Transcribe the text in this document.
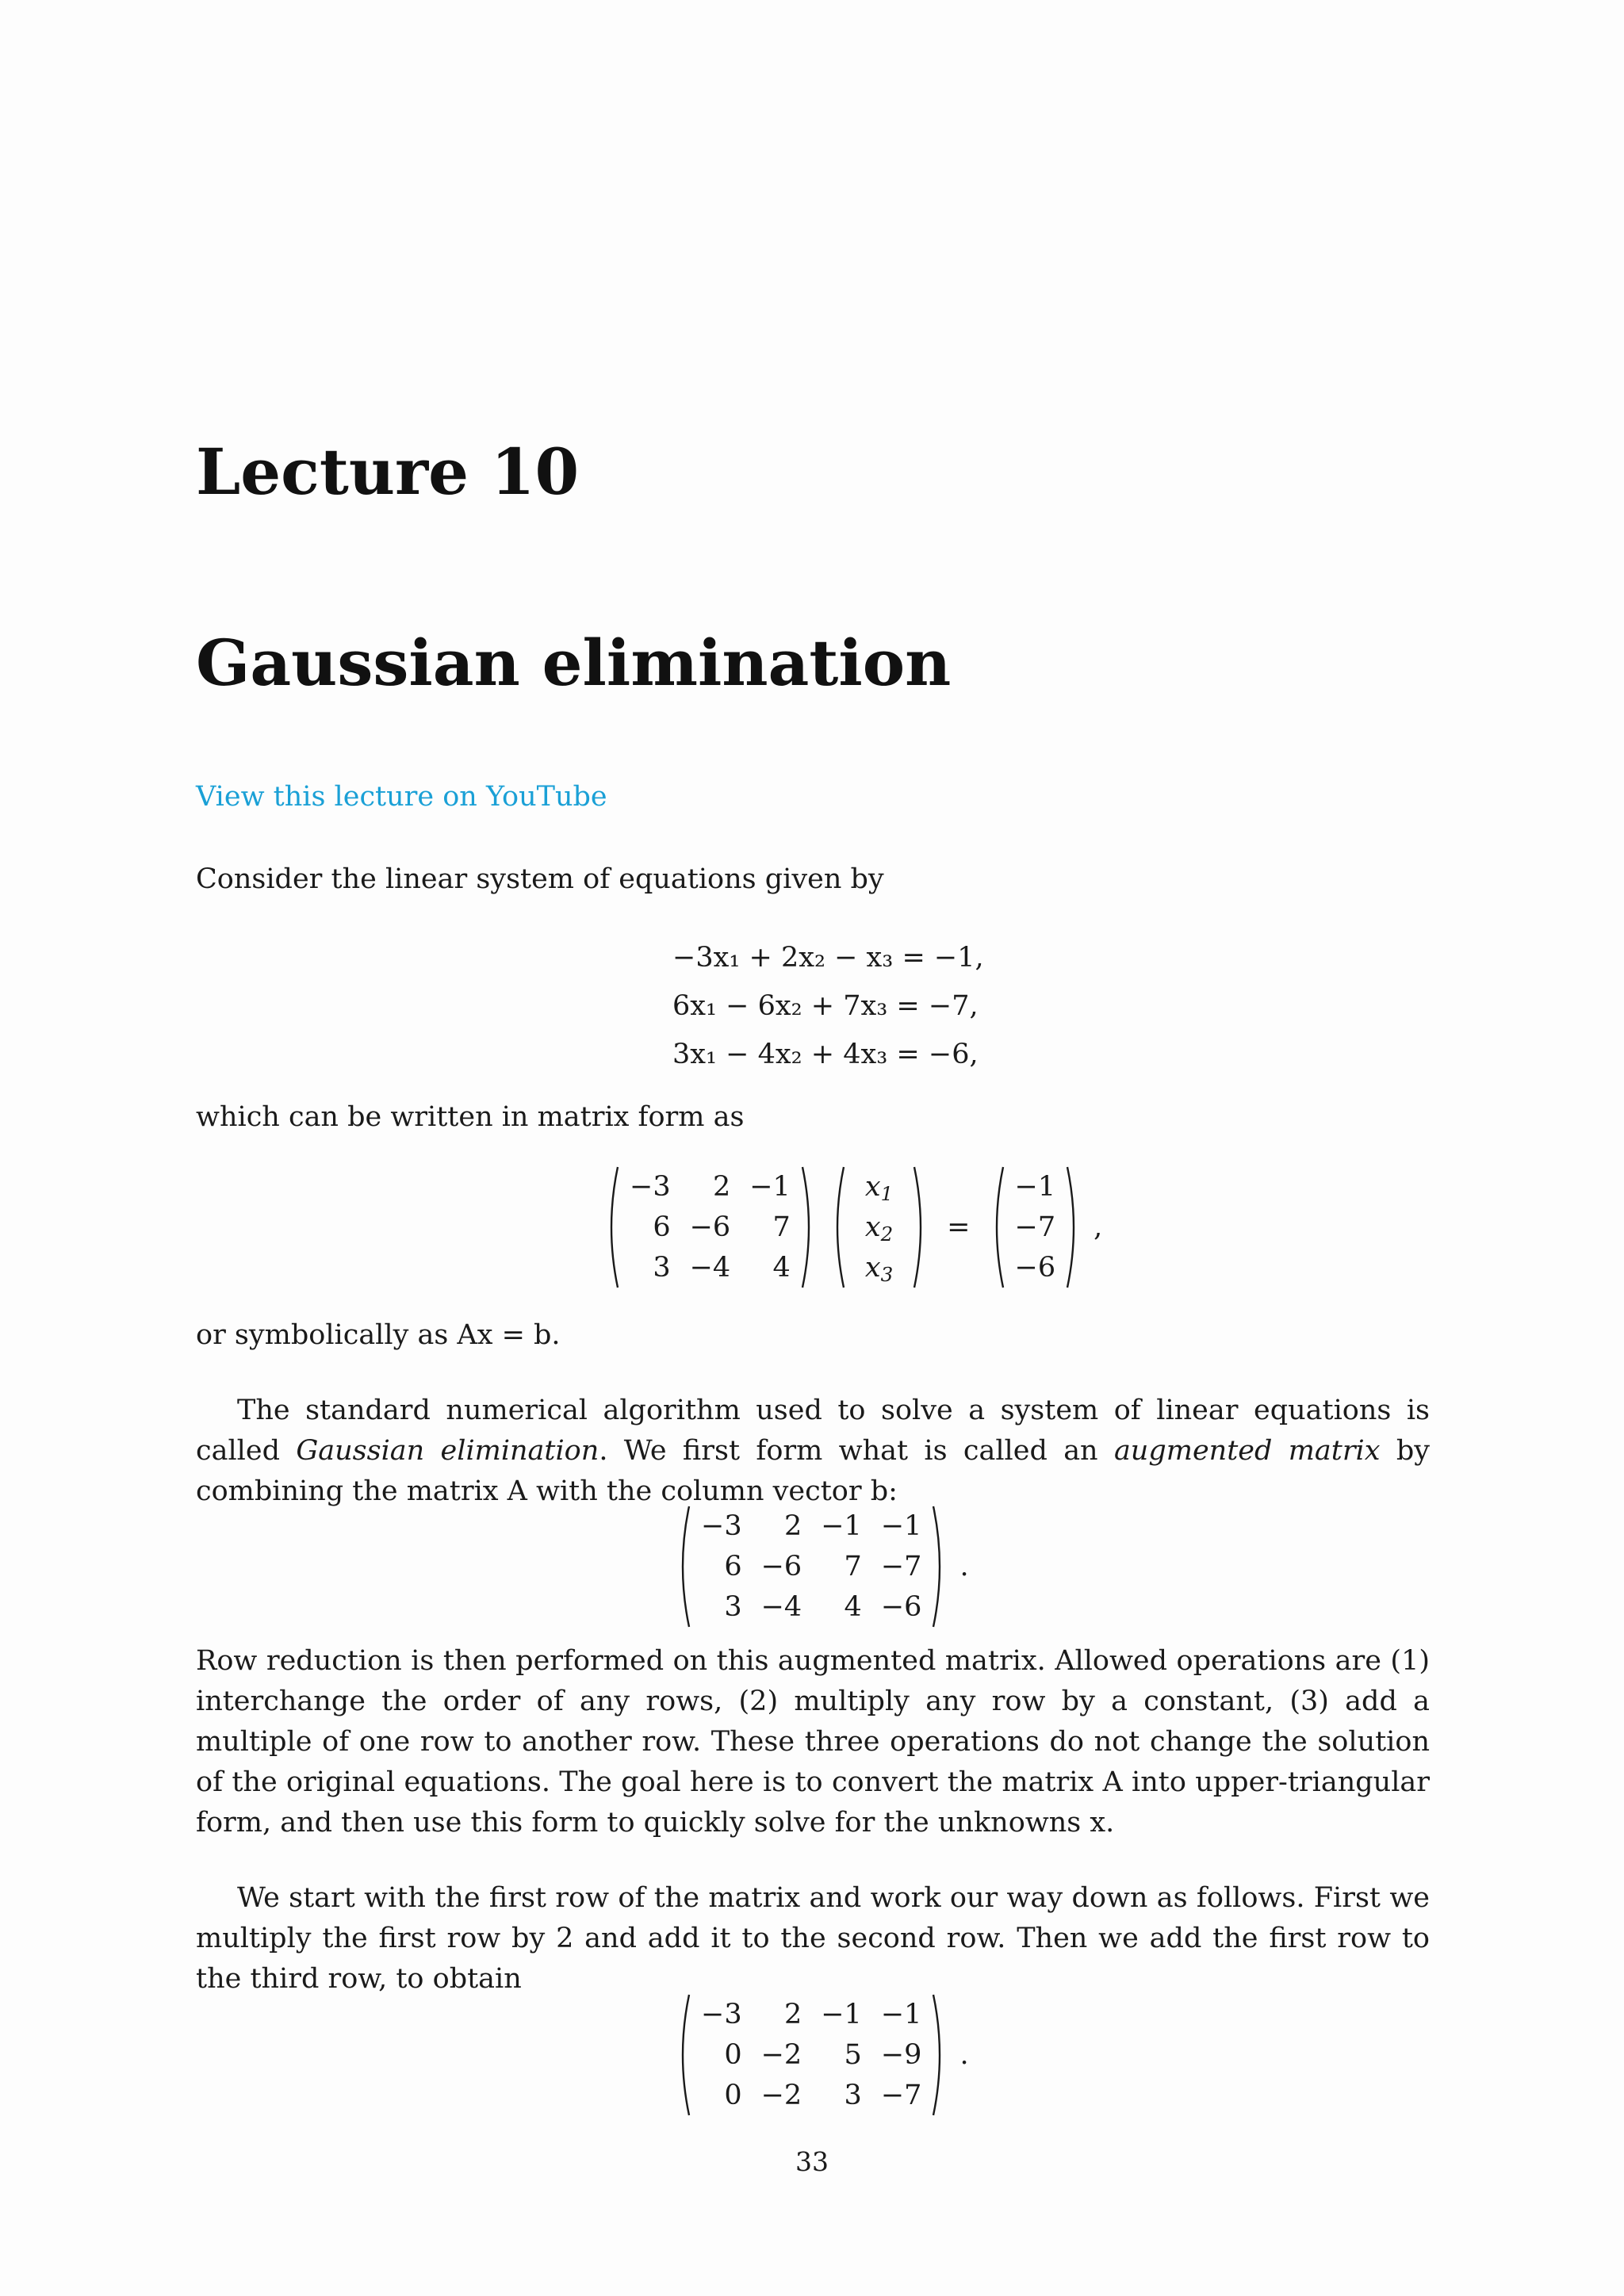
Lecture 10
Gaussian elimination
View this lecture on YouTube

Consider the linear system of equations given by

−3x₁ + 2x₂ − x₃ = −1,
6x₁ − 6x₂ + 7x₃ = −7,
3x₁ − 4x₂ + 4x₃ = −6,

which can be written in matrix form as

−3	2 −1
6 −6	7
3 −4	4
$x_1$
$x_2$
$x_3$
=
−1
−7
−6
,

or symbolically as Ax = b.

The standard numerical algorithm used to solve a system of linear equations is called Gaussian elimination. We first form what is called an augmented matrix by combining the matrix A with the column vector b:

−3	2 −1 −1
6 −6	7 −7
3 −4	4 −6
.

Row reduction is then performed on this augmented matrix. Allowed operations are (1) interchange the order of any rows, (2) multiply any row by a constant, (3) add a multiple of one row to another row. These three operations do not change the solution of the original equations. The goal here is to convert the matrix A into upper-triangular form, and then use this form to quickly solve for the unknowns x.

We start with the first row of the matrix and work our way down as follows. First we multiply the first row by 2 and add it to the second row. Then we add the first row to the third row, to obtain

−3	2 −1 −1
0 −2	5 −9
0 −2	3 −7
.
33
